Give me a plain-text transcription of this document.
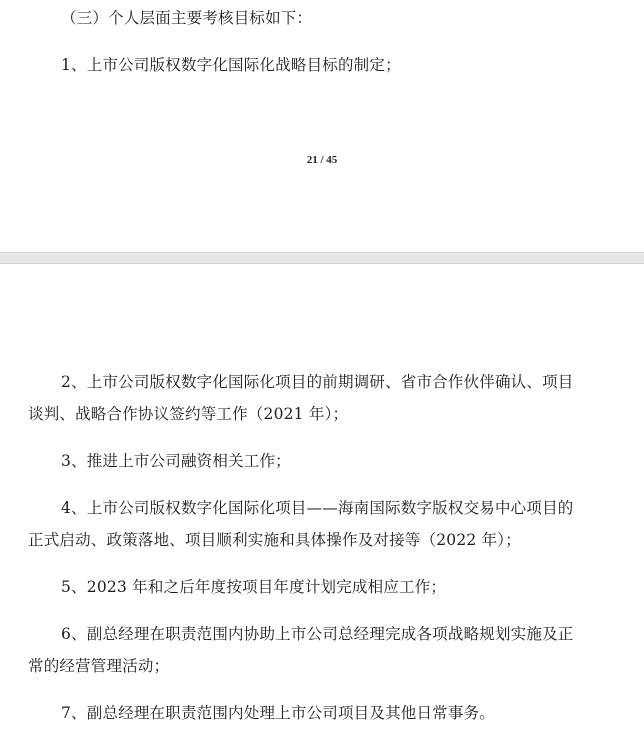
（三）个人层面主要考核目标如下：
1、上市公司版权数字化国际化战略目标的制定；
21 / 45
2、上市公司版权数字化国际化项目的前期调研、省市合作伙伴确认、项目
谈判、战略合作协议签约等工作（2021 年）；
3、推进上市公司融资相关工作；
4、上市公司版权数字化国际化项目——海南国际数字版权交易中心项目的
正式启动、政策落地、项目顺利实施和具体操作及对接等（2022 年）；
5、2023 年和之后年度按项目年度计划完成相应工作；
6、副总经理在职责范围内协助上市公司总经理完成各项战略规划实施及正
常的经营管理活动；
7、副总经理在职责范围内处理上市公司项目及其他日常事务。
